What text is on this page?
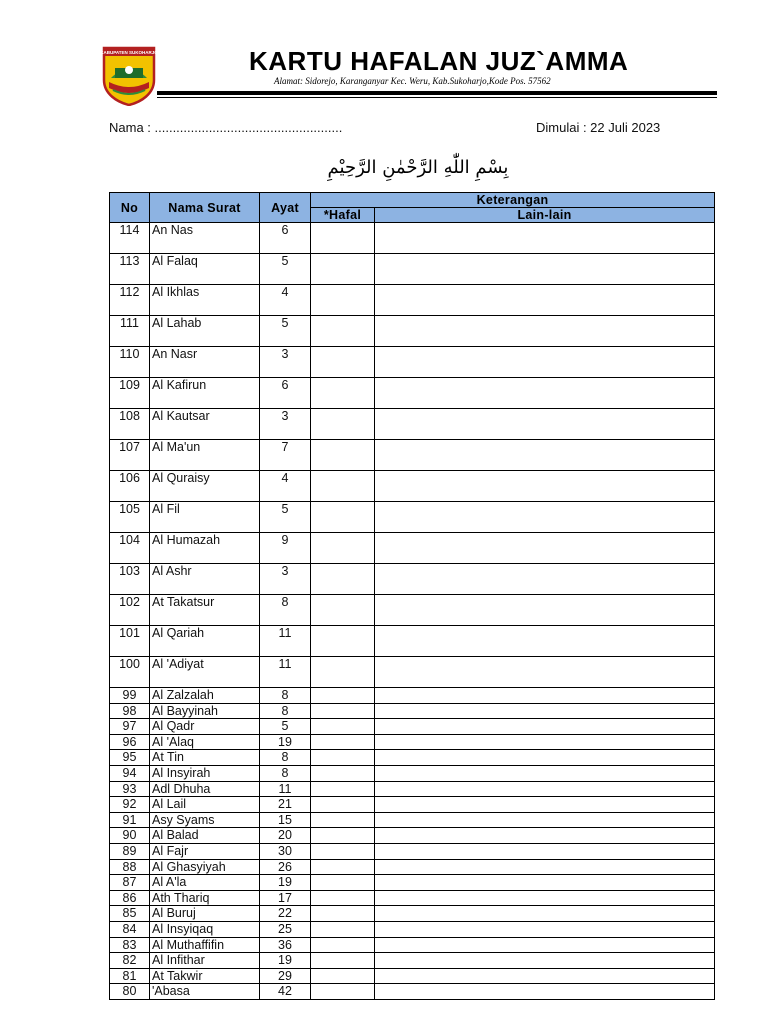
KABUPATEN SUKOHARJO	KARTU HAFALAN JUZ`AMMA
Alamat: Sidorejo, Karanganyar Kec. Weru, Kab.Sukoharjo,Kode Pos. 57562
Nama : ....................................................	Dimulai : 22 Juli 2023
بِسْمِ اللّٰهِ الرَّحْمٰنِ الرَّحِيْمِ
No	Nama Surat	Ayat	Keterangan	
			*Hafal	Lain-lain
114	An Nas	6		
113	Al Falaq	5		
112	Al Ikhlas	4		
111	Al Lahab	5		
110	An Nasr	3		
109	Al Kafirun	6		
108	Al Kautsar	3		
107	Al Ma'un	7		
106	Al Quraisy	4		
105	Al Fil	5		
104	Al Humazah	9		
103	Al Ashr	3		
102	At Takatsur	8		
101	Al Qariah	11		
100	Al 'Adiyat	11		
99	Al Zalzalah	8		
98	Al Bayyinah	8		
97	Al Qadr	5		
96	Al 'Alaq	19		
95	At Tin	8		
94	Al Insyirah	8		
93	Adl Dhuha	11		
92	Al Lail	21		
91	Asy Syams	15		
90	Al Balad	20		
89	Al Fajr	30		
88	Al Ghasyiyah	26		
87	Al A'la	19		
86	Ath Thariq	17		
85	Al Buruj	22		
84	Al Insyiqaq	25		
83	Al Muthaffifin	36		
82	Al Infithar	19		
81	At Takwir	29		
80	'Abasa	42		
